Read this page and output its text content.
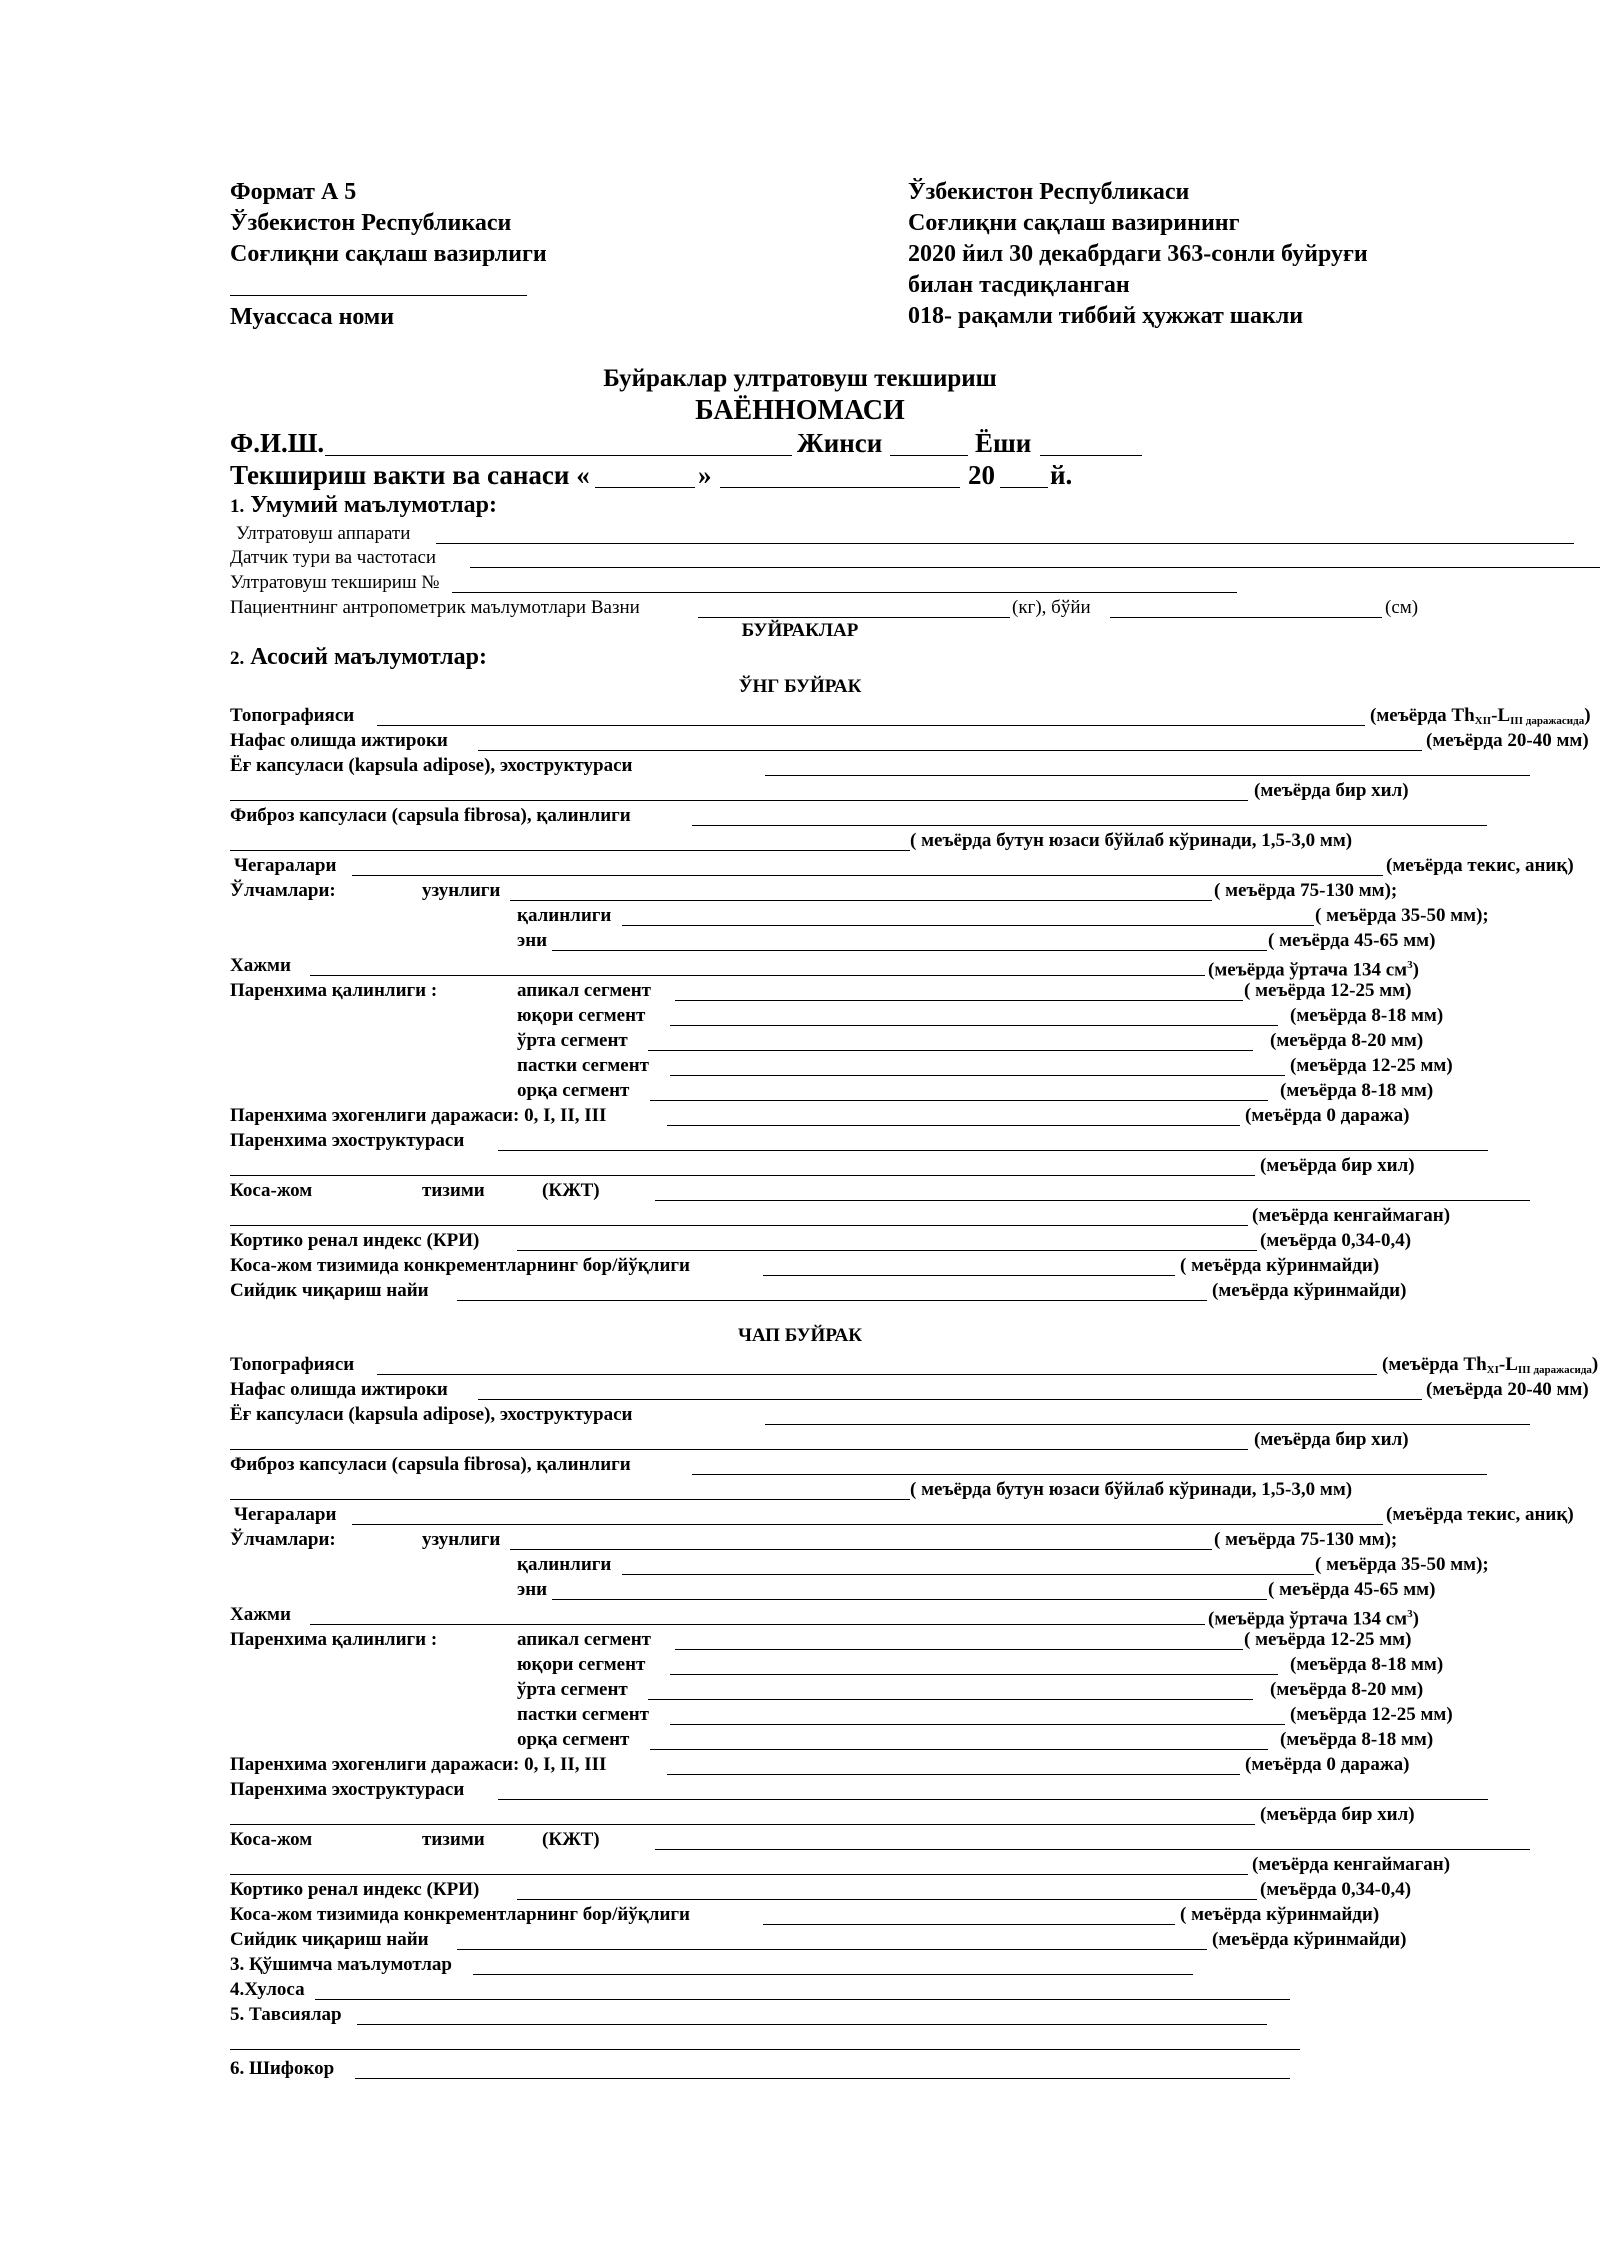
Формат А 5
Ўзбекистон Республикаси
Соғлиқни сақлаш вазирлиги
Муассаса номи
Ўзбекистон Республикаси
Соғлиқни сақлаш вазирининг
2020 йил 30 декабрдаги 363-сонли буйруғи
билан тасдиқланган
018- рақамли тиббий ҳужжат шакли
Буйраклар ултратовуш текшириш
БАЁННОМАСИ
Ф.И.Ш.	Жинси	Ёши
Текшириш вакти ва санаси «	»	20 й.
1. Умумий маълумотлар:
Ултратовуш аппарати
Датчик тури ва частотаси
Ултратовуш текшириш №
Пациентнинг антропометрик маълумотлари Вазни	(кг), бўйи	(см)
БУЙРАКЛАР
2. Асосий маълумотлар:
ЎНГ БУЙРАК
Топографияси	(меъёрда $Th_{XII}-L_{III даражасида}$)
Нафас олишда ижтироки	(меъёрда 20-40 мм)
Ёғ капсуласи (kapsula adipose), эхоструктураси
(меъёрда бир хил)
Фиброз капсуласи (capsula fibrosa), қалинлиги
( меъёрда бутун юзаси бўйлаб кўринади, 1,5-3,0 мм)
Чегаралари	(меъёрда текис, аниқ)
Ўлчамлари:	узунлиги	( меъёрда 75-130 мм);
қалинлиги	( меъёрда 35-50 мм);
эни	( меъёрда 45-65 мм)
Хажми	(меъёрда ўртача 134 $см^3$)
Паренхима қалинлиги :	апикал сегмент	( меъёрда 12-25 мм)
юқори сегмент	(меъёрда 8-18 мм)
ўрта сегмент	(меъёрда 8-20 мм)
пастки сегмент	(меъёрда 12-25 мм)
орқа сегмент	(меъёрда 8-18 мм)
Паренхима эхогенлиги даражаси: 0, I, II, III	(меъёрда 0 даража)
Паренхима эхоструктураси
(меъёрда бир хил)
Коса-жом	тизими	(КЖТ)
(меъёрда кенгаймаган)
Кортико ренал индекс (КРИ)	(меъёрда 0,34-0,4)
Коса-жом тизимида конкрементларнинг бор/йўқлиги	( меъёрда кўринмайди)
Сийдик чиқариш найи	(меъёрда кўринмайди)
ЧАП БУЙРАК
Топографияси	(меъёрда $Th_{XI}-L_{III даражасида}$)
Нафас олишда ижтироки	(меъёрда 20-40 мм)
Ёғ капсуласи (kapsula adipose), эхоструктураси
(меъёрда бир хил)
Фиброз капсуласи (capsula fibrosa), қалинлиги
( меъёрда бутун юзаси бўйлаб кўринади, 1,5-3,0 мм)
Чегаралари	(меъёрда текис, аниқ)
Ўлчамлари:	узунлиги	( меъёрда 75-130 мм);
қалинлиги	( меъёрда 35-50 мм);
эни	( меъёрда 45-65 мм)
Хажми	(меъёрда ўртача 134 $см^3$)
Паренхима қалинлиги :	апикал сегмент	( меъёрда 12-25 мм)
юқори сегмент	(меъёрда 8-18 мм)
ўрта сегмент	(меъёрда 8-20 мм)
пастки сегмент	(меъёрда 12-25 мм)
орқа сегмент	(меъёрда 8-18 мм)
Паренхима эхогенлиги даражаси: 0, I, II, III	(меъёрда 0 даража)
Паренхима эхоструктураси
(меъёрда бир хил)
Коса-жом	тизими	(КЖТ)
(меъёрда кенгаймаган)
Кортико ренал индекс (КРИ)	(меъёрда 0,34-0,4)
Коса-жом тизимида конкрементларнинг бор/йўқлиги	( меъёрда кўринмайди)
Сийдик чиқариш найи	(меъёрда кўринмайди)
3. Қўшимча маълумотлар
4.Хулоса
5. Тавсиялар
6. Шифокор
